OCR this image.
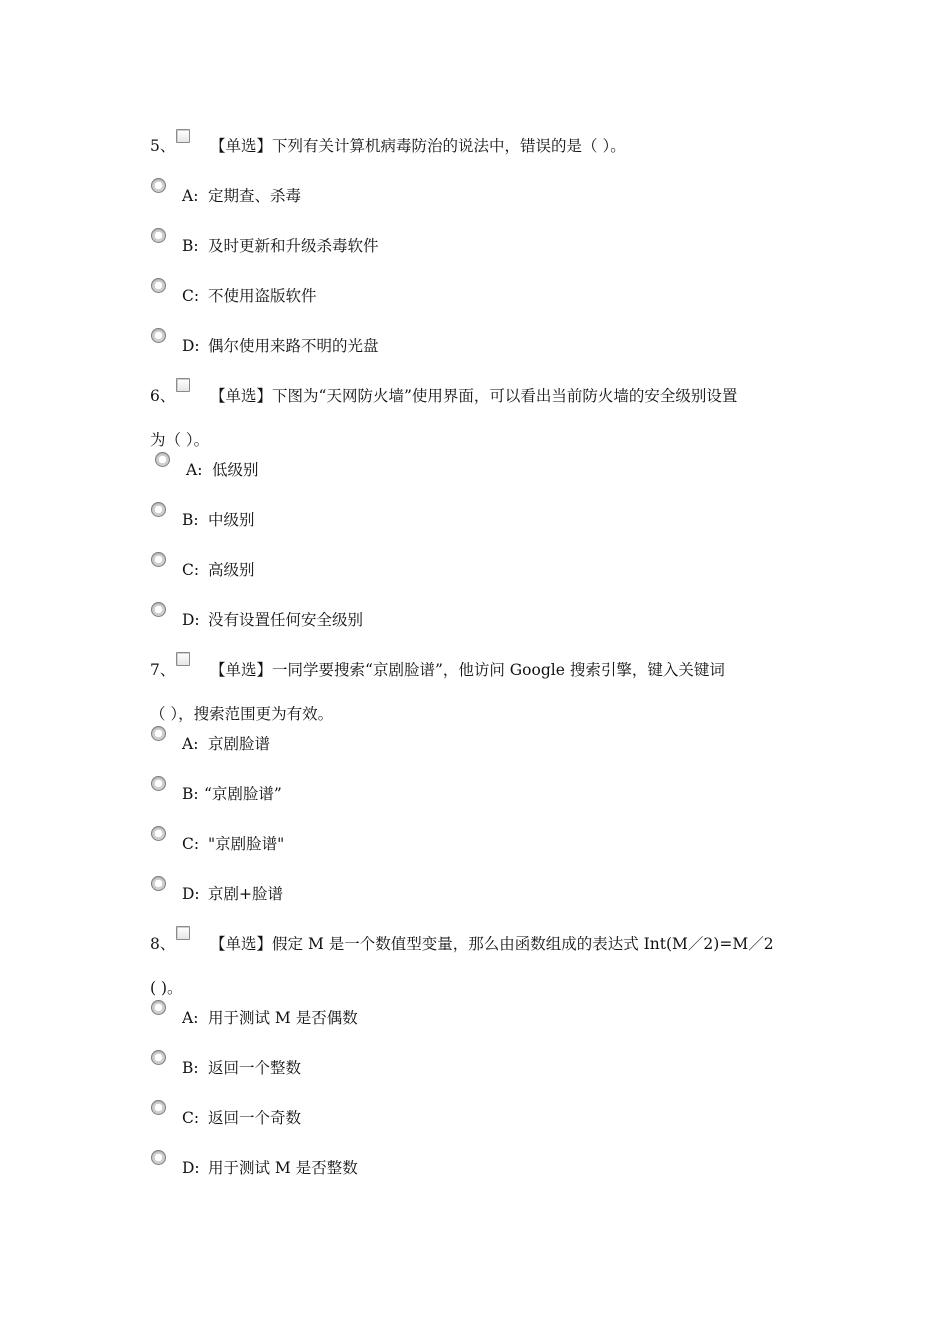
5、 【单选】下列有关计算机病毒防治的说法中，错误的是（ ）。
A: 定期查、杀毒
B: 及时更新和升级杀毒软件
C: 不使用盗版软件
D: 偶尔使用来路不明的光盘
6、 【单选】下图为“天网防火墙”使用界面，可以看出当前防火墙的安全级别设置
为（ ）。
A: 低级别
B: 中级别
C: 高级别
D: 没有设置任何安全级别
7、 【单选】一同学要搜索“京剧脸谱”，他访问 Google 搜索引擎，键入关键词
（ ），搜索范围更为有效。
A: 京剧脸谱
B: “京剧脸谱”
C: "京剧脸谱"
D: 京剧+脸谱
8、 【单选】假定 M 是一个数值型变量，那么由函数组成的表达式 Int(M／2)=M／2
( )。
A: 用于测试 M 是否偶数
B: 返回一个整数
C: 返回一个奇数
D: 用于测试 M 是否整数
